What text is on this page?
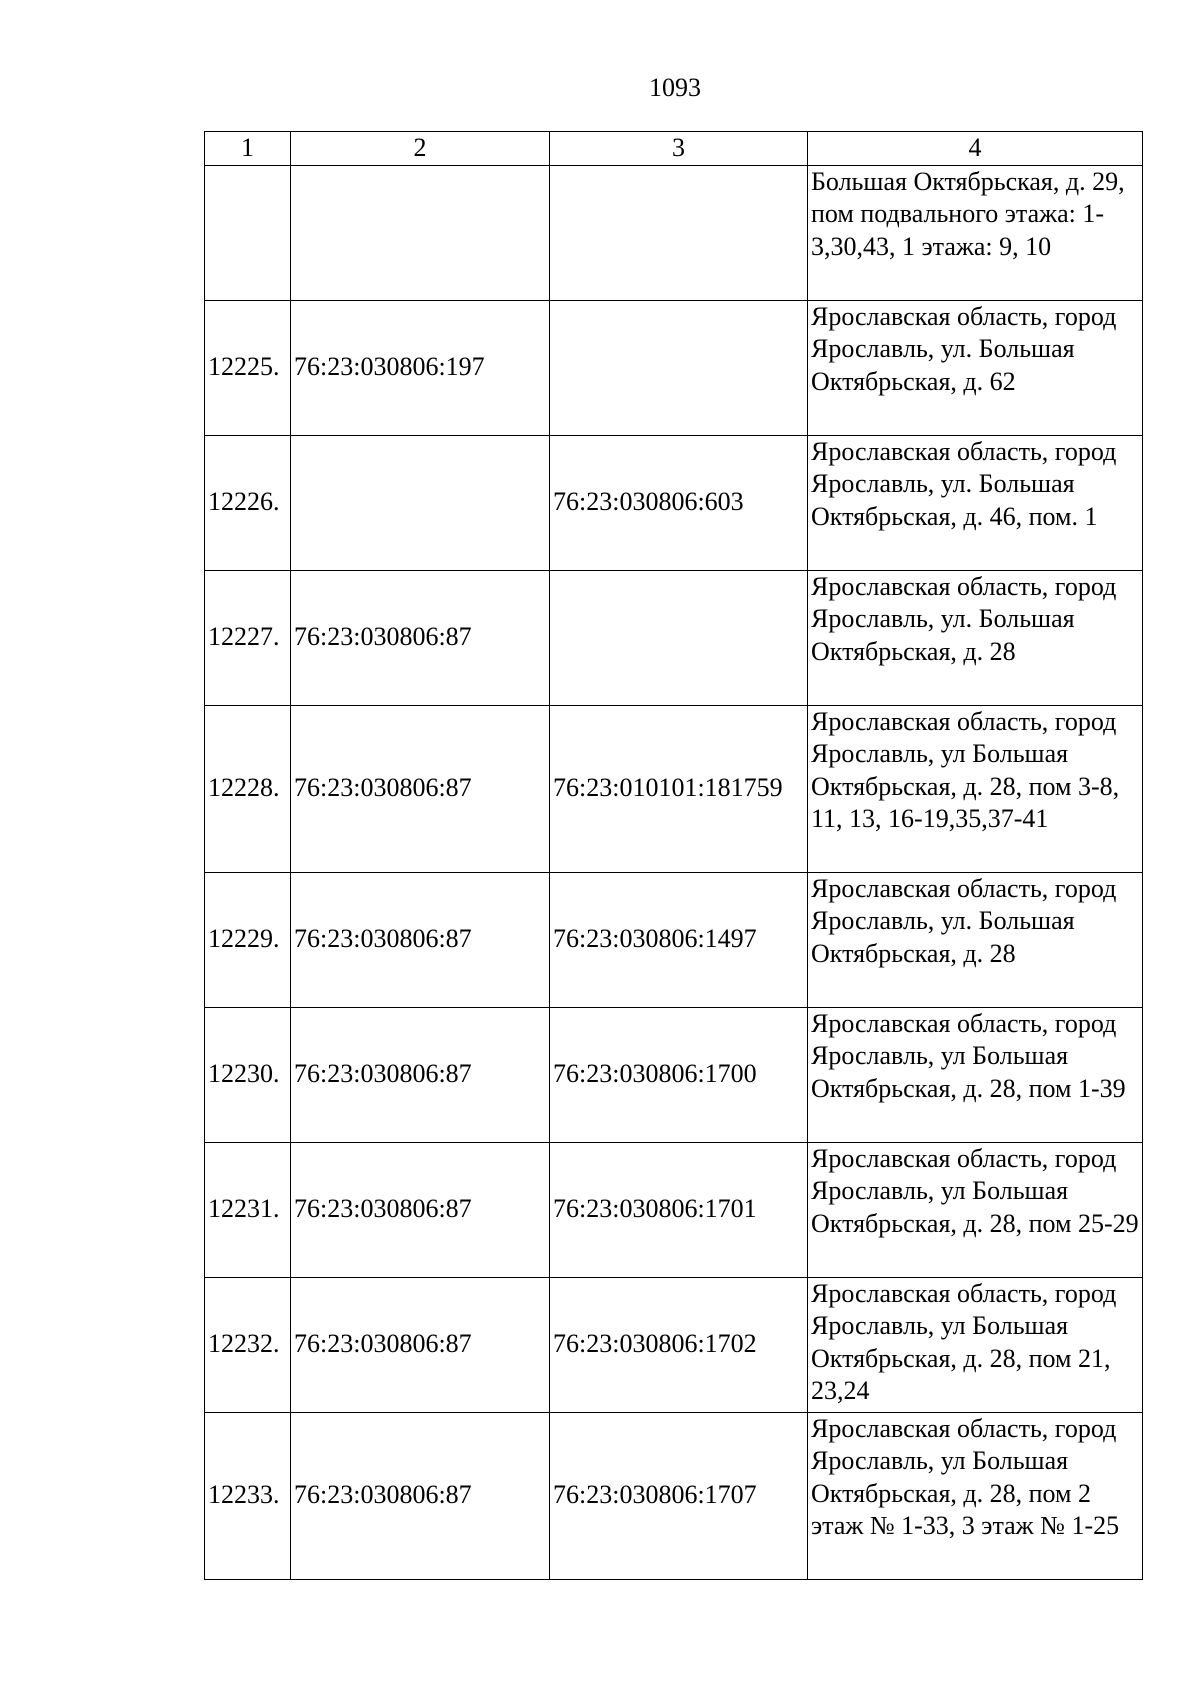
1093
1	2	3	4
			Большая Октябрьская, д. 29, пом подвального этажа: 1-3,30,43, 1 этажа: 9, 10
12225.	76:23:030806:197		Ярославская область, город Ярославль, ул. Большая Октябрьская, д. 62
12226.		76:23:030806:603	Ярославская область, город Ярославль, ул. Большая Октябрьская, д. 46, пом. 1
12227.	76:23:030806:87		Ярославская область, город Ярославль, ул. Большая Октябрьская, д. 28
12228.	76:23:030806:87	76:23:010101:181759	Ярославская область, город Ярославль, ул Большая Октябрьская, д. 28, пом 3-8, 11, 13, 16-19,35,37-41
12229.	76:23:030806:87	76:23:030806:1497	Ярославская область, город Ярославль, ул. Большая Октябрьская, д. 28
12230.	76:23:030806:87	76:23:030806:1700	Ярославская область, город Ярославль, ул Большая Октябрьская, д. 28, пом 1-39
12231.	76:23:030806:87	76:23:030806:1701	Ярославская область, город Ярославль, ул Большая Октябрьская, д. 28, пом 25-29
12232.	76:23:030806:87	76:23:030806:1702	Ярославская область, город Ярославль, ул Большая Октябрьская, д. 28, пом 21, 23,24
12233.	76:23:030806:87	76:23:030806:1707	Ярославская область, город Ярославль, ул Большая Октябрьская, д. 28, пом 2 этаж № 1-33, 3 этаж № 1-25
